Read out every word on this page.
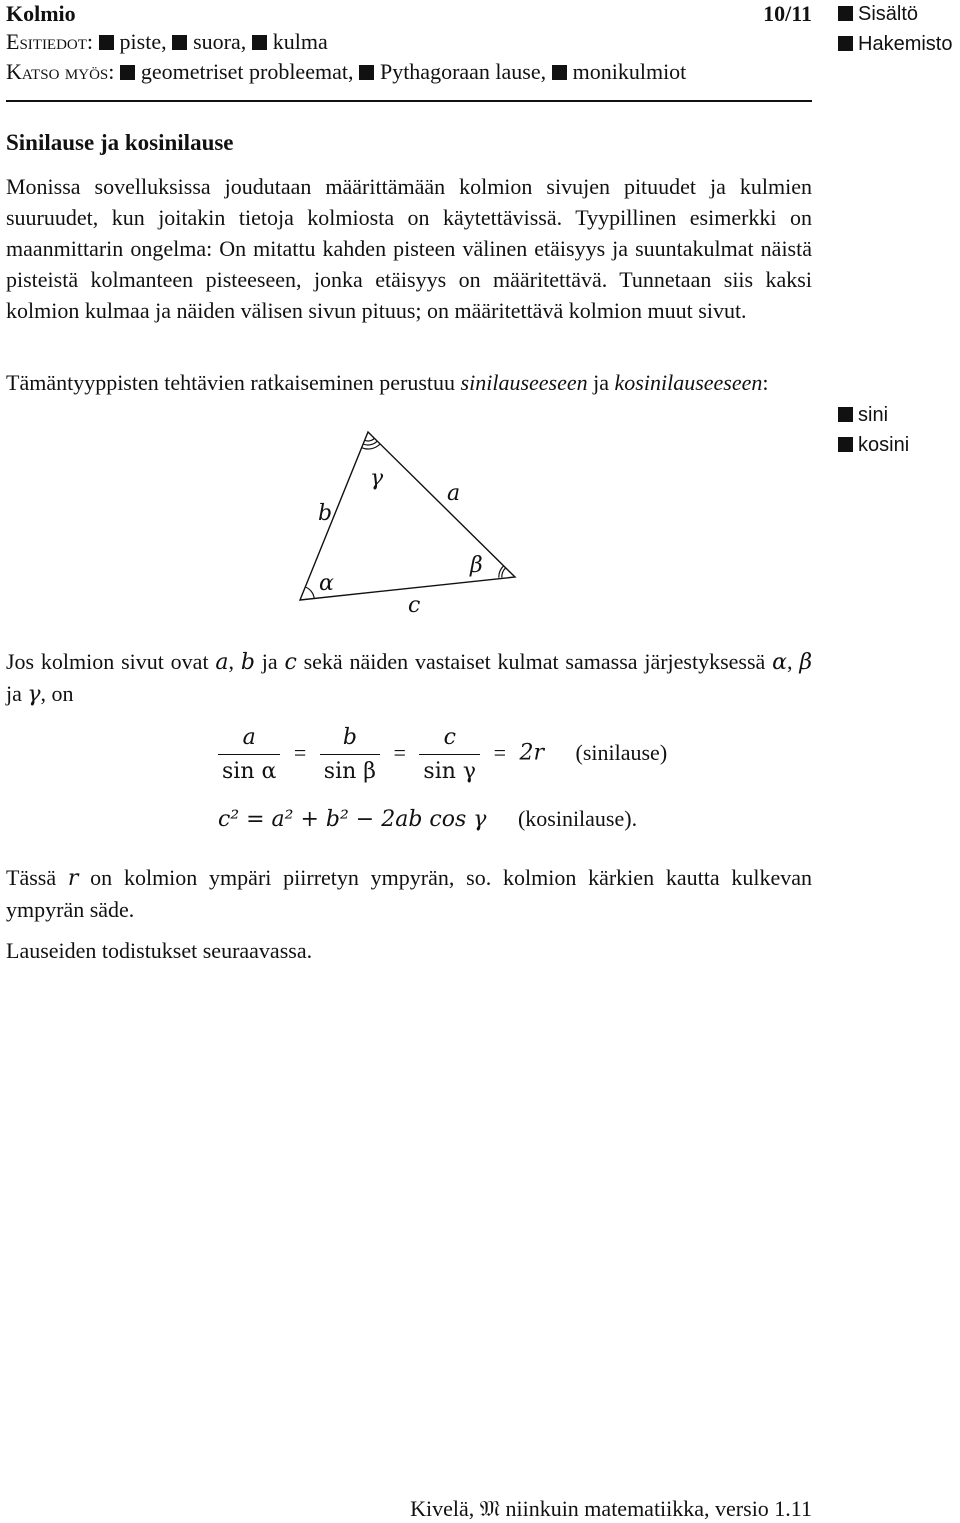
Kolmio	10/11
Esitiedot: piste, suora, kulma
Katso myös: geometriset probleemat, Pythagoraan lause, monikulmiot
Sisältö
Hakemisto
sini
kosini
Sinilause ja kosinilause
Monissa sovelluksissa joudutaan määrittämään kolmion sivujen pituudet ja kulmien suuruudet, kun joitakin tietoja kolmiosta on käytettävissä. Tyypillinen esimerkki on maanmittarin ongelma: On mitattu kahden pisteen välinen etäisyys ja suuntakulmat näistä pisteistä kolmanteen pisteeseen, jonka etäisyys on määritettävä. Tunnetaan siis kaksi kolmion kulmaa ja näiden välisen sivun pituus; on määritettävä kolmion muut sivut.
Tämäntyyppisten tehtävien ratkaiseminen perustuu sinilauseeseen ja kosinilauseeseen:
b
γ
a
β
α
c
Jos kolmion sivut ovat a, b ja c sekä näiden vastaiset kulmat samassa järjestyksessä α, β ja γ, on
$\frac{a}{\text{sin α}} = \frac{b}{\text{sin β}} = \frac{c}{\text{sin γ}} = 2r$ (sinilause)
c² = a² + b² − 2ab cos γ (kosinilause).
Tässä r on kolmion ympäri piirretyn ympyrän, so. kolmion kärkien kautta kulkevan ympyrän säde.
Lauseiden todistukset seuraavassa.
Kivelä, 𝔐 niinkuin matematiikka, versio 1.11
